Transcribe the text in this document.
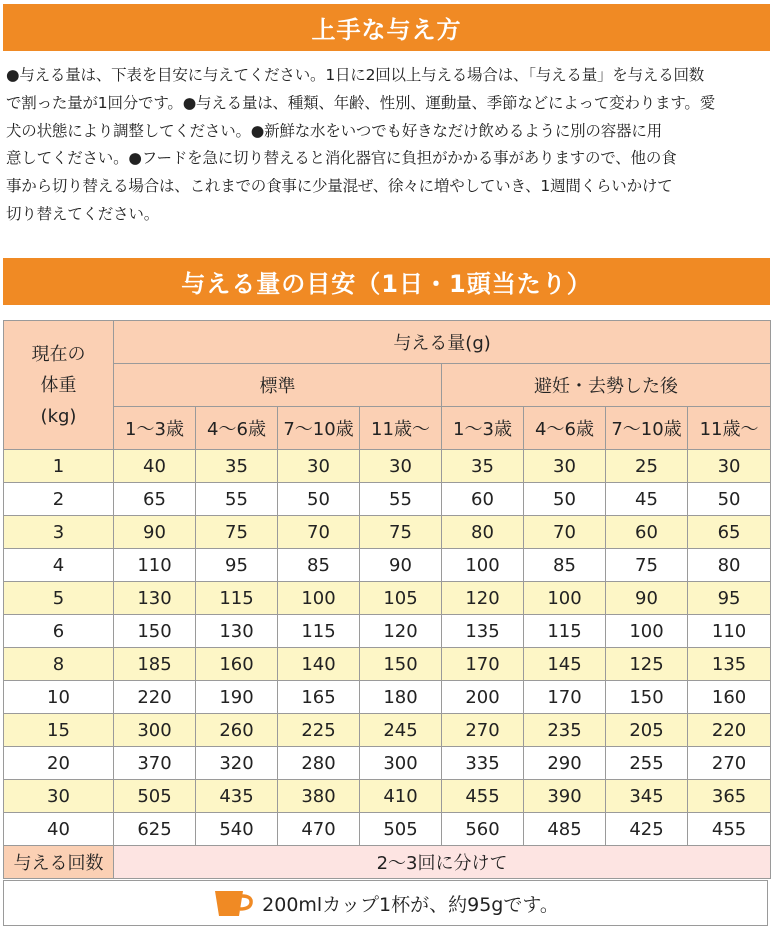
上手な与え方

●与える量は、下表を目安に与えてください。1日に2回以上与える場合は、「与える量」を与える回数

で割った量が1回分です。●与える量は、種類、年齢、性別、運動量、季節などによって変わります。愛

犬の状態により調整してください。●新鮮な水をいつでも好きなだけ飲めるように別の容器に用

意してください。●フードを急に切り替えると消化器官に負担がかかる事がありますので、他の食

事から切り替える場合は、これまでの食事に少量混ぜ、徐々に増やしていき、1週間くらいかけて

切り替えてください。

与える量の目安（1日・1頭当たり）
現在の
体重
(kg)	与える量(g)							
	標準				避妊・去勢した後			
	1～3歳	4～6歳	7～10歳	11歳～	1～3歳	4～6歳	7～10歳	11歳～
1	40	35	30	30	35	30	25	30
2	65	55	50	55	60	50	45	50
3	90	75	70	75	80	70	60	65
4	110	95	85	90	100	85	75	80
5	130	115	100	105	120	100	90	95
6	150	130	115	120	135	115	100	110
8	185	160	140	150	170	145	125	135
10	220	190	165	180	200	170	150	160
15	300	260	225	245	270	235	205	220
20	370	320	280	300	335	290	255	270
30	505	435	380	410	455	390	345	365
40	625	540	470	505	560	485	425	455
与える回数	2～3回に分けて							
200mlカップ1杯が、約95gです。
